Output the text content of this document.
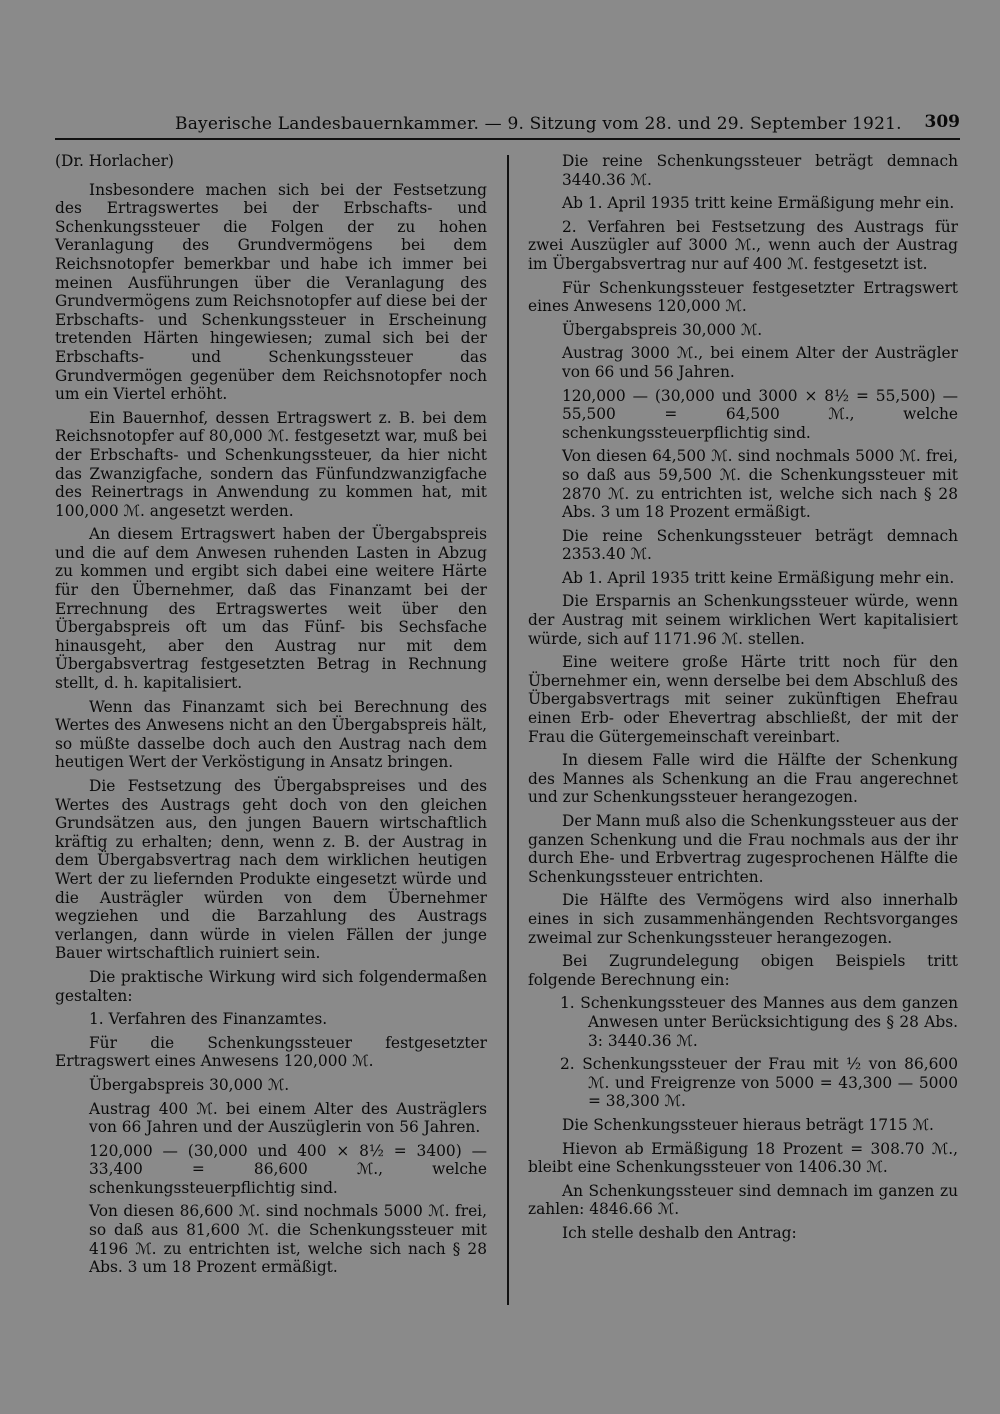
Bayerische Landesbauernkammer. — 9. Sitzung vom 28. und 29. September 1921. 309

(Dr. Horlacher)

Insbesondere machen sich bei der Festsetzung des Ertragswertes bei der Erbschafts- und Schenkungssteuer die Folgen der zu hohen Veranlagung des Grundvermögens bei dem Reichsnotopfer bemerkbar und habe ich immer bei meinen Ausführungen über die Veranlagung des Grundvermögens zum Reichsnotopfer auf diese bei der Erbschafts- und Schenkungssteuer in Erscheinung tretenden Härten hingewiesen; zumal sich bei der Erbschafts- und Schenkungssteuer das Grundvermögen gegenüber dem Reichsnotopfer noch um ein Viertel erhöht.

Ein Bauernhof, dessen Ertragswert z. B. bei dem Reichsnotopfer auf 80,000 ℳ. festgesetzt war, muß bei der Erbschafts- und Schenkungssteuer, da hier nicht das Zwanzigfache, sondern das Fünfundzwanzigfache des Reinertrags in Anwendung zu kommen hat, mit 100,000 ℳ. angesetzt werden.

An diesem Ertragswert haben der Übergabspreis und die auf dem Anwesen ruhenden Lasten in Abzug zu kommen und ergibt sich dabei eine weitere Härte für den Übernehmer, daß das Finanzamt bei der Errechnung des Ertragswertes weit über den Übergabspreis oft um das Fünf- bis Sechsfache hinausgeht, aber den Austrag nur mit dem Übergabsvertrag festgesetzten Betrag in Rechnung stellt, d. h. kapitalisiert.

Wenn das Finanzamt sich bei Berechnung des Wertes des Anwesens nicht an den Übergabspreis hält, so müßte dasselbe doch auch den Austrag nach dem heutigen Wert der Verköstigung in Ansatz bringen.

Die Festsetzung des Übergabspreises und des Wertes des Austrags geht doch von den gleichen Grundsätzen aus, den jungen Bauern wirtschaftlich kräftig zu erhalten; denn, wenn z. B. der Austrag in dem Übergabsvertrag nach dem wirklichen heutigen Wert der zu liefernden Produkte eingesetzt würde und die Austrägler würden von dem Übernehmer wegziehen und die Barzahlung des Austrags verlangen, dann würde in vielen Fällen der junge Bauer wirtschaftlich ruiniert sein.

Die praktische Wirkung wird sich folgendermaßen gestalten:

1. Verfahren des Finanzamtes.

Für die Schenkungssteuer festgesetzter Ertragswert eines Anwesens 120,000 ℳ.

Übergabspreis 30,000 ℳ.

Austrag 400 ℳ. bei einem Alter des Austräglers von 66 Jahren und der Auszüglerin von 56 Jahren.

120,000 — (30,000 und 400 × 8½ = 3400) — 33,400 = 86,600 ℳ., welche schenkungssteuerpflichtig sind.

Von diesen 86,600 ℳ. sind nochmals 5000 ℳ. frei, so daß aus 81,600 ℳ. die Schenkungssteuer mit 4196 ℳ. zu entrichten ist, welche sich nach § 28 Abs. 3 um 18 Prozent ermäßigt.

Die reine Schenkungssteuer beträgt demnach 3440.36 ℳ.

Ab 1. April 1935 tritt keine Ermäßigung mehr ein.

2. Verfahren bei Festsetzung des Austrags für zwei Auszügler auf 3000 ℳ., wenn auch der Austrag im Übergabsvertrag nur auf 400 ℳ. festgesetzt ist.

Für Schenkungssteuer festgesetzter Ertragswert eines Anwesens 120,000 ℳ.

Übergabspreis 30,000 ℳ.

Austrag 3000 ℳ., bei einem Alter der Austrägler von 66 und 56 Jahren.

120,000 — (30,000 und 3000 × 8½ = 55,500) — 55,500 = 64,500 ℳ., welche schenkungssteuerpflichtig sind.

Von diesen 64,500 ℳ. sind nochmals 5000 ℳ. frei, so daß aus 59,500 ℳ. die Schenkungssteuer mit 2870 ℳ. zu entrichten ist, welche sich nach § 28 Abs. 3 um 18 Prozent ermäßigt.

Die reine Schenkungssteuer beträgt demnach 2353.40 ℳ.

Ab 1. April 1935 tritt keine Ermäßigung mehr ein.

Die Ersparnis an Schenkungssteuer würde, wenn der Austrag mit seinem wirklichen Wert kapitalisiert würde, sich auf 1171.96 ℳ. stellen.

Eine weitere große Härte tritt noch für den Übernehmer ein, wenn derselbe bei dem Abschluß des Übergabsvertrags mit seiner zukünftigen Ehefrau einen Erb- oder Ehevertrag abschließt, der mit der Frau die Gütergemeinschaft vereinbart.

In diesem Falle wird die Hälfte der Schenkung des Mannes als Schenkung an die Frau angerechnet und zur Schenkungssteuer herangezogen.

Der Mann muß also die Schenkungssteuer aus der ganzen Schenkung und die Frau nochmals aus der ihr durch Ehe- und Erbvertrag zugesprochenen Hälfte die Schenkungssteuer entrichten.

Die Hälfte des Vermögens wird also innerhalb eines in sich zusammenhängenden Rechtsvorganges zweimal zur Schenkungssteuer herangezogen.

Bei Zugrundelegung obigen Beispiels tritt folgende Berechnung ein:

1. Schenkungssteuer des Mannes aus dem ganzen Anwesen unter Berücksichtigung des § 28 Abs. 3: 3440.36 ℳ.

2. Schenkungssteuer der Frau mit ½ von 86,600 ℳ. und Freigrenze von 5000 = 43,300 — 5000 = 38,300 ℳ.

Die Schenkungssteuer hieraus beträgt 1715 ℳ.

Hievon ab Ermäßigung 18 Prozent = 308.70 ℳ., bleibt eine Schenkungssteuer von 1406.30 ℳ.

An Schenkungssteuer sind demnach im ganzen zu zahlen: 4846.66 ℳ.

Ich stelle deshalb den Antrag:
